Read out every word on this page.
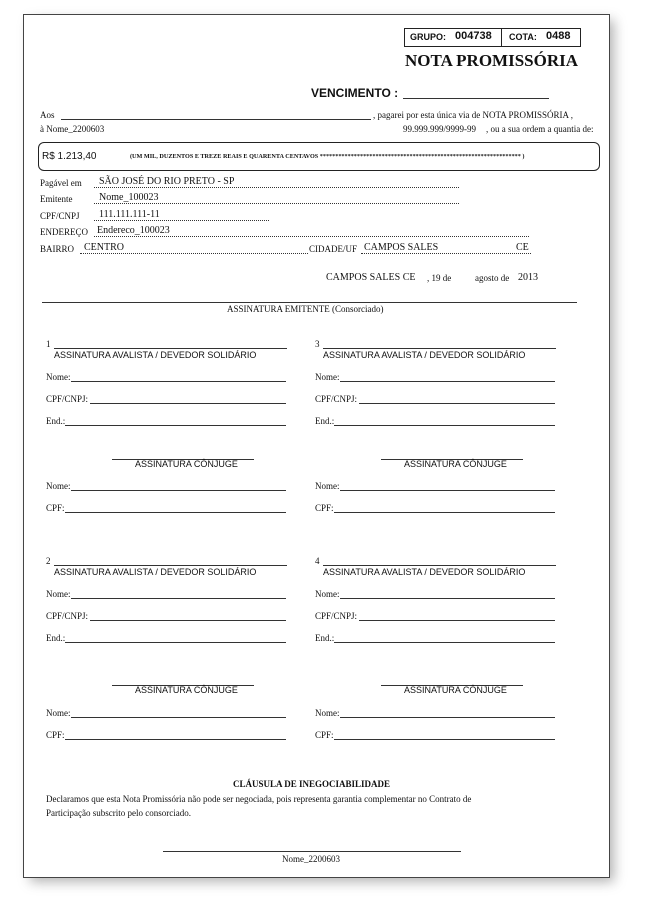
GRUPO: 004738 COTA: 0488
NOTA PROMISSÓRIA
VENCIMENTO :
Aos	, pagarei por esta única via de NOTA PROMISSÓRIA ,
à Nome_2200603	99.999.999/9999-99 , ou a sua ordem a quantia de:
R$ 1.213,40	(UM MIL, DUZENTOS E TREZE REAIS E QUARENTA CENTAVOS ***************************************************************** )
Pagável em SÃO JOSÉ DO RIO PRETO - SP
Emitente	Nome_100023
CPF/CNPJ 111.111.111-11
ENDEREÇO Endereco_100023
BAIRRO CENTRO	CIDADE/UF CAMPOS SALES	CE
CAMPOS SALES CE , 19 de	agosto de 2013
ASSINATURA EMITENTE (Consorciado)
1
ASSINATURA AVALISTA / DEVEDOR SOLIDÁRIO
Nome:
CPF/CNPJ:
End.:
ASSINATURA CÔNJUGE
Nome:
CPF:
3
ASSINATURA AVALISTA / DEVEDOR SOLIDÁRIO
Nome:
CPF/CNPJ:
End.:
ASSINATURA CÔNJUGE
Nome:
CPF:
2
ASSINATURA AVALISTA / DEVEDOR SOLIDÁRIO
Nome:
CPF/CNPJ:
End.:
ASSINATURA CÔNJUGE
Nome:
CPF:
4
ASSINATURA AVALISTA / DEVEDOR SOLIDÁRIO
Nome:
CPF/CNPJ:
End.:
ASSINATURA CÔNJUGE
Nome:
CPF:
CLÁUSULA DE INEGOCIABILIDADE
Declaramos que esta Nota Promissória não pode ser negociada, pois representa garantia complementar no Contrato de
Participação subscrito pelo consorciado.
Nome_2200603
